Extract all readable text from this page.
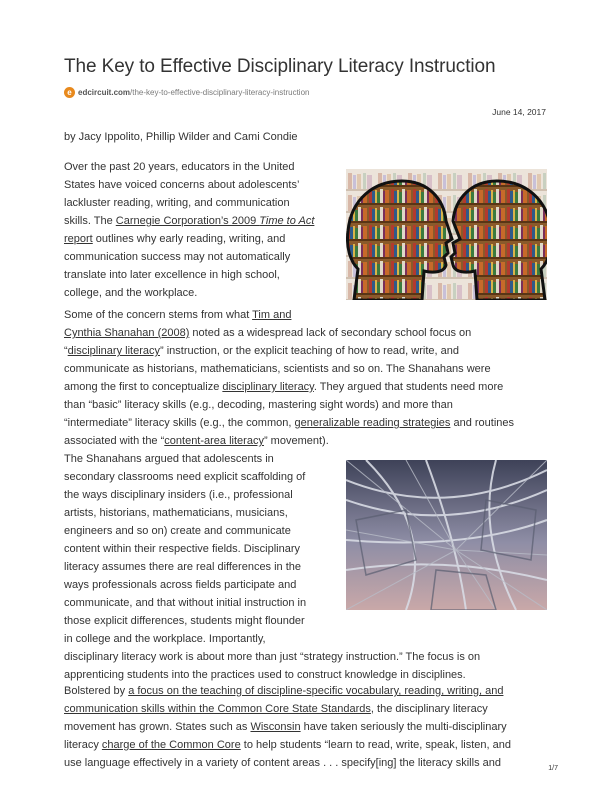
The Key to Effective Disciplinary Literacy Instruction
e edcircuit.com /the-key-to-effective-disciplinary-literacy-instruction
June 14, 2017
by Jacy Ippolito, Phillip Wilder and Cami Condie
Over the past 20 years, educators in the United
States have voiced concerns about adolescents’
lackluster reading, writing, and communication
skills. The Carnegie Corporation’s 2009 Time to Act
report outlines why early reading, writing, and
communication success may not automatically
translate into later excellence in high school,
college, and the workplace.
Some of the concern stems from what Tim and
Cynthia Shanahan (2008) noted as a widespread lack of secondary school focus on
“disciplinary literacy” instruction, or the explicit teaching of how to read, write, and
communicate as historians, mathematicians, scientists and so on. The Shanahans were
among the first to conceptualize disciplinary literacy. They argued that students need more
than “basic” literacy skills (e.g., decoding, mastering sight words) and more than
“intermediate” literacy skills (e.g., the common, generalizable reading strategies and routines
associated with the “content-area literacy” movement).
The Shanahans argued that adolescents in
secondary classrooms need explicit scaffolding of
the ways disciplinary insiders (i.e., professional
artists, historians, mathematicians, musicians,
engineers and so on) create and communicate
content within their respective fields. Disciplinary
literacy assumes there are real differences in the
ways professionals across fields participate and
communicate, and that without initial instruction in
those explicit differences, students might flounder
in college and the workplace. Importantly,
disciplinary literacy work is about more than just “strategy instruction.” The focus is on
apprenticing students into the practices used to construct knowledge in disciplines.
Bolstered by a focus on the teaching of discipline-specific vocabulary, reading, writing, and
communication skills within the Common Core State Standards, the disciplinary literacy
movement has grown. States such as Wisconsin have taken seriously the multi-disciplinary
literacy charge of the Common Core to help students “learn to read, write, speak, listen, and
use language effectively in a variety of content areas . . . specify[ing] the literacy skills and	1/7
